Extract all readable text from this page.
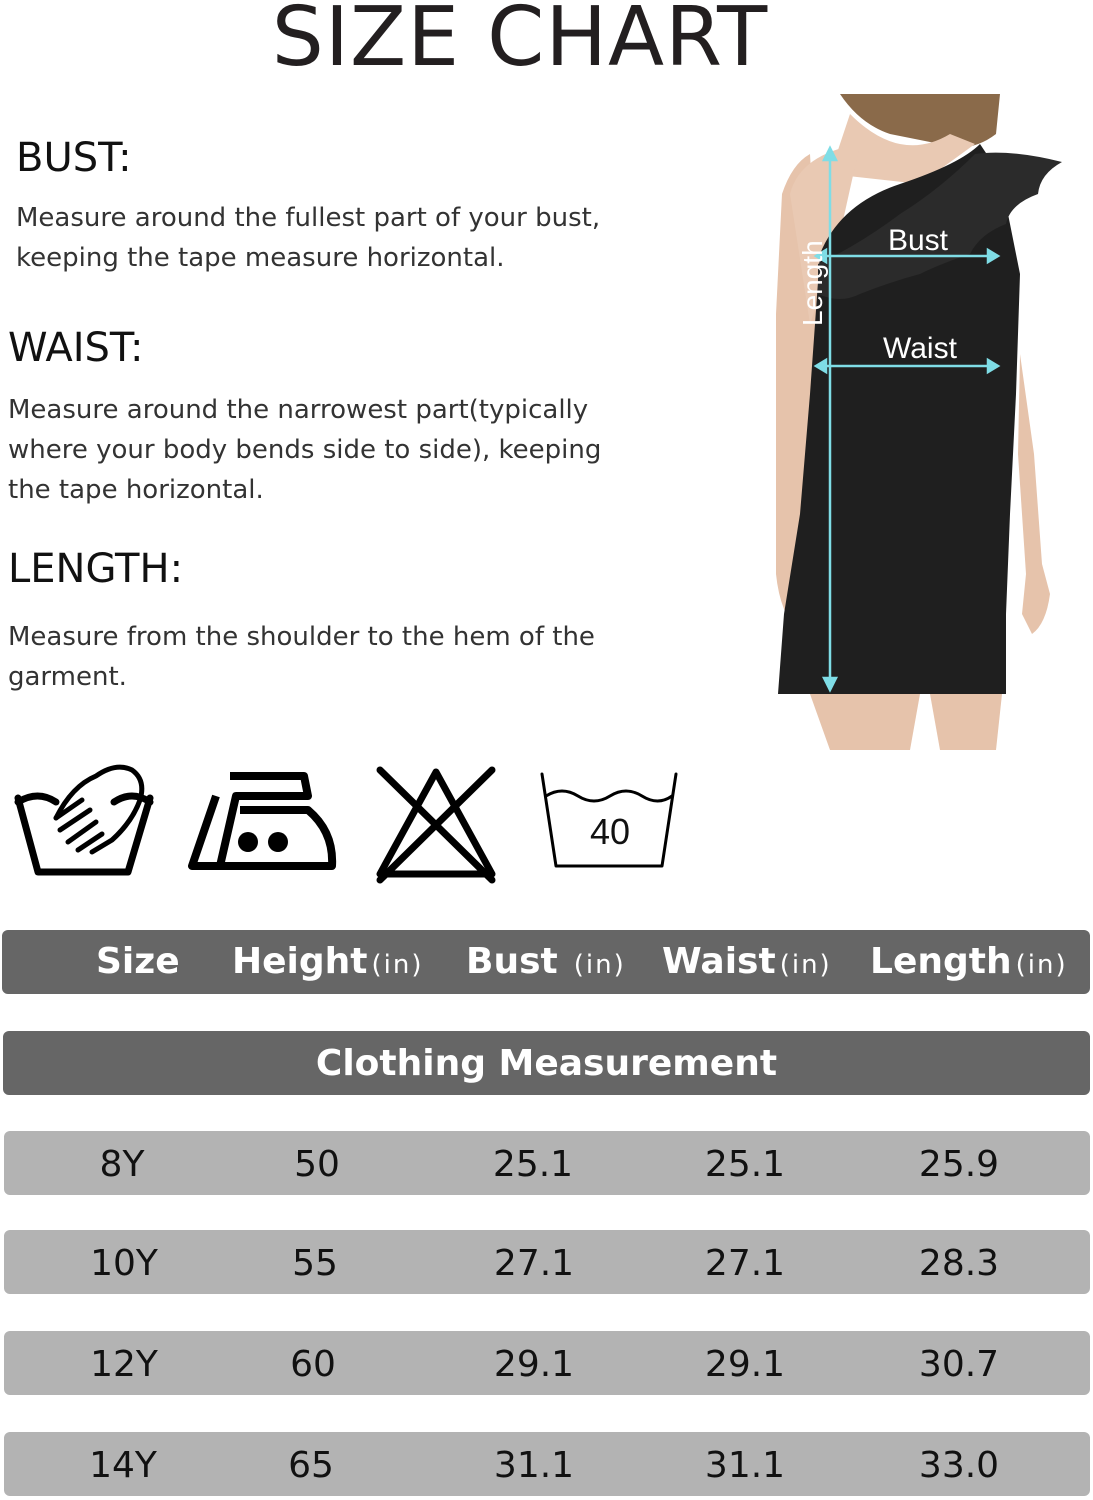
SIZE CHART
BUST:

Measure around the fullest part of your bust, keeping the tape measure horizontal.

WAIST:

Measure around the narrowest part(typically where your body bends side to side), keeping the tape horizontal.

LENGTH:

Measure from the shoulder to the hem of the garment.

Bust
Waist
Length
40
Size Height (in) Bust (in) Waist (in) Length (in)
Clothing Measurement
8Y	50	25.1	25.1	25.9
10Y	55	27.1	27.1	28.3
12Y	60	29.1	29.1	30.7
14Y	65	31.1	31.1	33.0
